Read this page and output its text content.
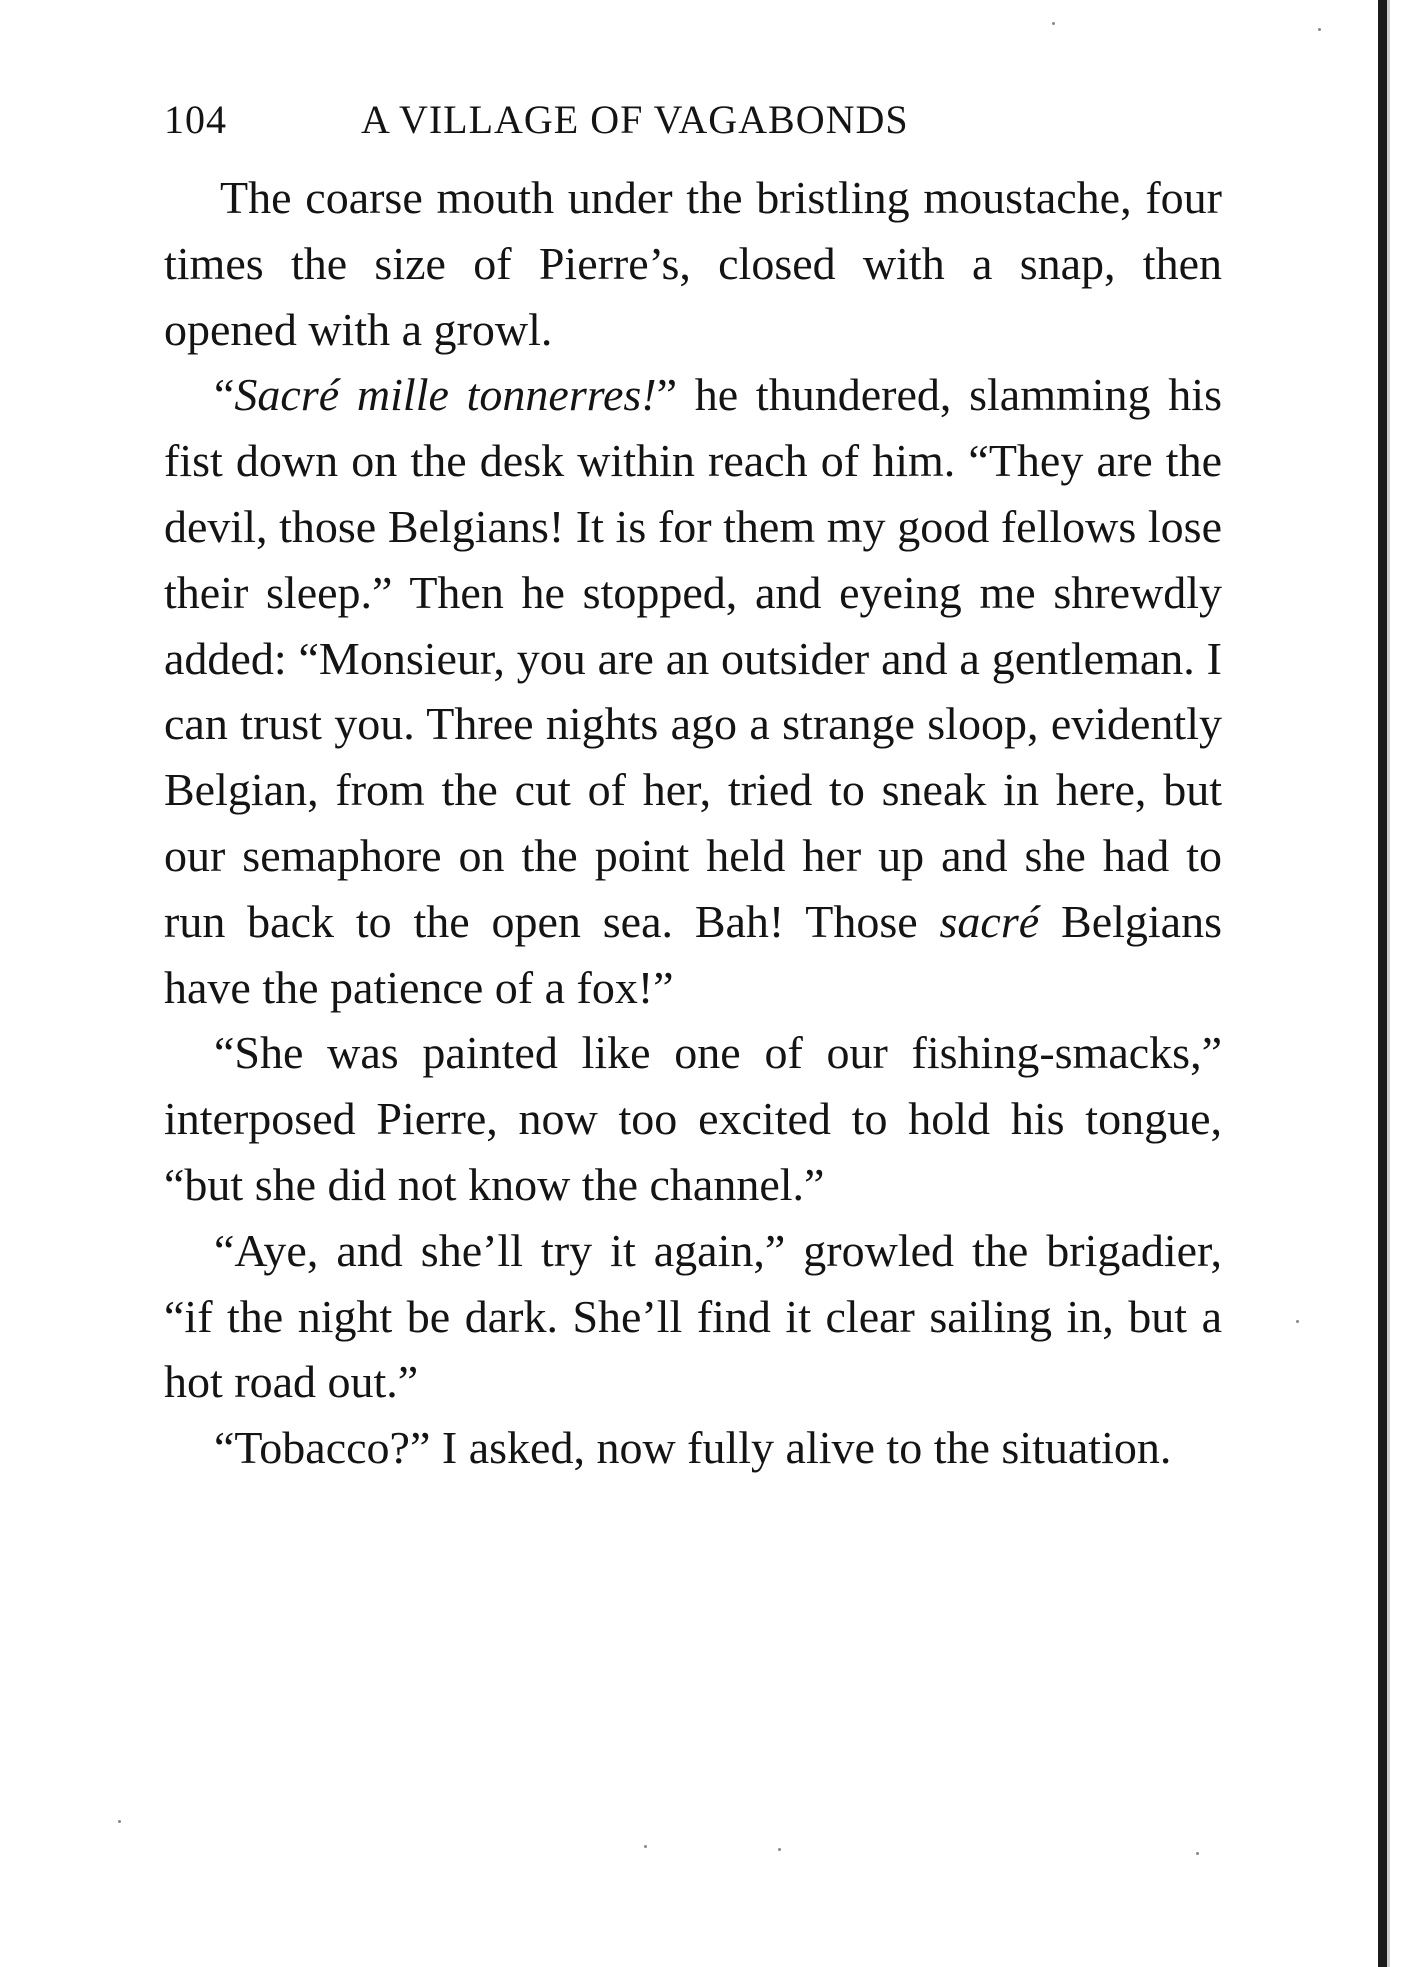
104	A VILLAGE OF VAGABONDS

The coarse mouth under the bristling moustache, four times the size of Pierre’s, closed with a snap, then opened with a growl.

“Sacré mille tonnerres!” he thundered, slamming his fist down on the desk within reach of him. “They are the devil, those Belgians! It is for them my good fellows lose their sleep.” Then he stopped, and eyeing me shrewdly added: “Monsieur, you are an outsider and a gentleman. I can trust you. Three nights ago a strange sloop, evidently Belgian, from the cut of her, tried to sneak in here, but our semaphore on the point held her up and she had to run back to the open sea. Bah! Those sacré Belgians have the patience of a fox!”

“She was painted like one of our fishing-smacks,” interposed Pierre, now too excited to hold his tongue, “but she did not know the channel.”

“Aye, and she’ll try it again,” growled the brigadier, “if the night be dark. She’ll find it clear sailing in, but a hot road out.”

“Tobacco?” I asked, now fully alive to the situation.
